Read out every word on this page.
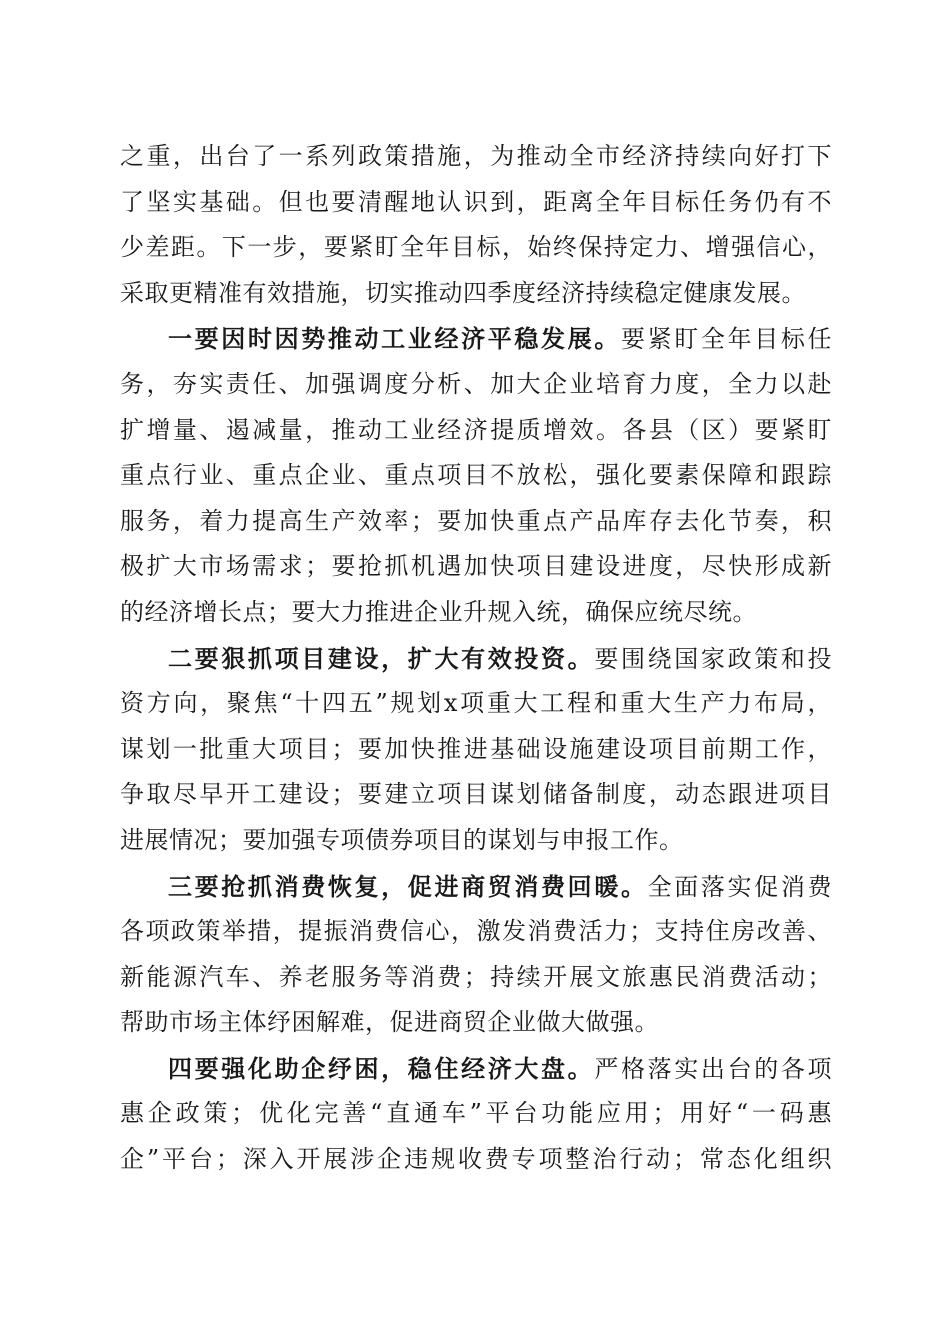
之重，出台了一系列政策措施，为推动全市经济持续向好打下
了坚实基础。但也要清醒地认识到，距离全年目标任务仍有不
少差距。下一步，要紧盯全年目标，始终保持定力、增强信心，
采取更精准有效措施，切实推动四季度经济持续稳定健康发展。
一要因时因势推动工业经济平稳发展。要紧盯全年目标任
务，夯实责任、加强调度分析、加大企业培育力度，全力以赴
扩增量、遏减量，推动工业经济提质增效。各县（区）要紧盯
重点行业、重点企业、重点项目不放松，强化要素保障和跟踪
服务，着力提高生产效率；要加快重点产品库存去化节奏，积
极扩大市场需求；要抢抓机遇加快项目建设进度，尽快形成新
的经济增长点；要大力推进企业升规入统，确保应统尽统。
二要狠抓项目建设，扩大有效投资。要围绕国家政策和投
资方向，聚焦“十四五”规划x项重大工程和重大生产力布局，
谋划一批重大项目；要加快推进基础设施建设项目前期工作，
争取尽早开工建设；要建立项目谋划储备制度，动态跟进项目
进展情况；要加强专项债券项目的谋划与申报工作。
三要抢抓消费恢复，促进商贸消费回暖。全面落实促消费
各项政策举措，提振消费信心，激发消费活力；支持住房改善、
新能源汽车、养老服务等消费；持续开展文旅惠民消费活动；
帮助市场主体纾困解难，促进商贸企业做大做强。
四要强化助企纾困，稳住经济大盘。严格落实出台的各项
惠企政策；优化完善“直通车”平台功能应用；用好“一码惠
企”平台；深入开展涉企违规收费专项整治行动；常态化组织
